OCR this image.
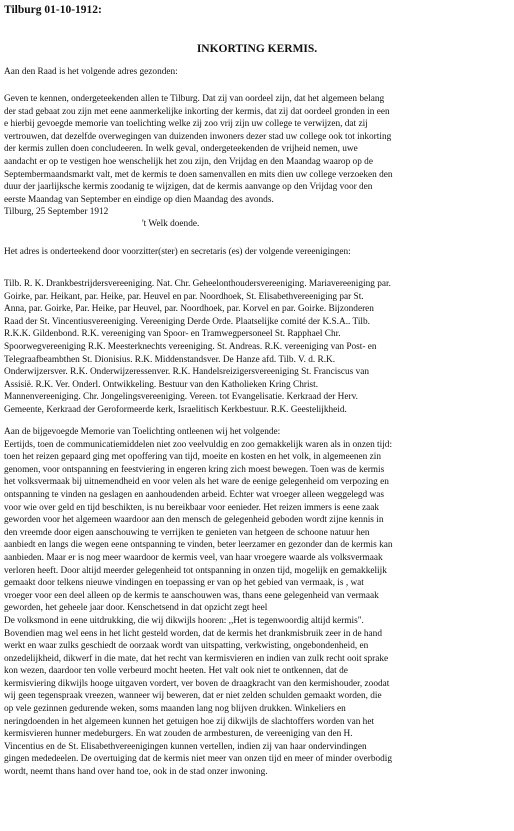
Tilburg 01-10-1912:
INKORTING KERMIS.

Aan den Raad is het volgende adres gezonden:

Geven te kennen, ondergeteekenden allen te Tilburg. Dat zij van oordeel zijn, dat het algemeen belang
der stad gebaat zou zijn met eene aanmerkelijke inkorting der kermis, dat zij dat oordeel gronden in een
e hierbij gevoegde memorie van toelichting welke zij zoo vrij zijn uw college te verwijzen, dat zij
vertrouwen, dat dezelfde overwegingen van duizenden inwoners dezer stad uw college ook tot inkorting
der kermis zullen doen concludeeren. In welk geval, ondergeteekenden de vrijheid nemen, uwe
aandacht er op te vestigen hoe wenschelijk het zou zijn, den Vrijdag en den Maandag waarop op de
Septembermaandsmarkt valt, met de kermis te doen samenvallen en mits dien uw college verzoeken den
duur der jaarlijksche kermis zoodanig te wijzigen, dat de kermis aanvange op den Vrijdag voor den
eerste Maandag van September en eindige op dien Maandag des avonds.
Tilburg, 25 September 1912
't Welk doende.

Het adres is onderteekend door voorzitter(ster) en secretaris (es) der volgende vereenigingen:

Tilb. R. K. Drankbestrijdersvereeniging. Nat. Chr. Geheelonthoudersvereeniging. Mariavereeniging par.
Goirke, par. Heikant, par. Heike, par. Heuvel en par. Noordhoek, St. Elisabethvereeniging par St.
Anna, par. Goirke, Par. Heike, par Heuvel, par. Noordhoek, par. Korvel en par. Goirke. Bijzonderen
Raad der St. Vincentiusvereeniging. Vereeniging Derde Orde. Plaatselijke comité der K.S.A.. Tilb.
R.K.K. Gildenbond. R.K. vereeniging van Spoor- en Tramwegpersoneel St. Rapphael Chr.
Spoorwegvereeniging R.K. Meesterknechts vereeniging. St. Andreas. R.K. vereeniging van Post- en
Telegraafbeambthen St. Dionisius. R.K. Middenstandsver. De Hanze afd. Tilb. V. d. R.K.
Onderwijzersver. R.K. Onderwijzeressenver. R.K. Handelsreizigersvereeniging St. Franciscus van
Assisië. R.K. Ver. Onderl. Ontwikkeling. Bestuur van den Katholieken Kring Christ.
Mannenvereeniging. Chr. Jongelingsvereeniging. Vereen. tot Evangelisatie. Kerkraad der Herv.
Gemeente, Kerkraad der Geroformeerde kerk, Israelitisch Kerkbestuur. R.K. Geestelijkheid.
Aan de bijgevoegde Memorie van Toelichting ontleenen wij het volgende:
Eertijds, toen de communicatiemiddelen niet zoo veelvuldig en zoo gemakkelijk waren als in onzen tijd:
toen het reizen gepaard ging met opoffering van tijd, moeite en kosten en het volk, in algemeenen zin
genomen, voor ontspanning en feestviering in engeren kring zich moest bewegen. Toen was de kermis
het volksvermaak bij uitnemendheid en voor velen als het ware de eenige gelegenheid om verpozing en
ontspanning te vinden na geslagen en aanhoudenden arbeid. Echter wat vroeger alleen weggelegd was
voor wie over geld en tijd beschikten, is nu bereikbaar voor eenieder. Het reizen immers is eene zaak
geworden voor het algemeen waardoor aan den mensch de gelegenheid geboden wordt zijne kennis in
den vreemde door eigen aanschouwing te verrijken te genieten van hetgeen de schoone natuur hen
aanbiedt en langs die wegen eene ontspanning te vinden, beter leerzamer en gezonder dan de kermis kan
aanbieden. Maar er is nog meer waardoor de kermis veel, van haar vroegere waarde als volksvermaak
verloren heeft. Door altijd meerder gelegenheid tot ontspanning in onzen tijd, mogelijk en gemakkelijk
gemaakt door telkens nieuwe vindingen en toepassing er van op het gebied van vermaak, is , wat
vroeger voor een deel alleen op de kermis te aanschouwen was, thans eene gelegenheid van vermaak
geworden, het geheele jaar door. Kenschetsend in dat opzicht zegt heel
De volksmond in eene uitdrukking, die wij dikwijls hooren: ,,Het is tegenwoordig altijd kermis".
Bovendien mag wel eens in het licht gesteld worden, dat de kermis het drankmisbruik zeer in de hand
werkt en waar zulks geschiedt de oorzaak wordt van uitspatting, verkwisting, ongebondenheid, en
onzedelijkheid, dikwerf in die mate, dat het recht van kermisvieren en indien van zulk recht ooit sprake
kon wezen, daardoor ten volle verbeurd mocht heeten. Het valt ook niet te ontkennen, dat de
kermisviering dikwijls hooge uitgaven vordert, ver boven de draagkracht van den kermishouder, zoodat
wij geen tegenspraak vreezen, wanneer wij beweren, dat er niet zelden schulden gemaakt worden, die
op vele gezinnen gedurende weken, soms maanden lang nog blijven drukken. Winkeliers en
neringdoenden in het algemeen kunnen het getuigen hoe zij dikwijls de slachtoffers worden van het
kermisvieren hunner medeburgers. En wat zouden de armbesturen, de vereeniging van den H.
Vincentius en de St. Elisabethvereenigingen kunnen vertellen, indien zij van haar ondervindingen
gingen mededeelen. De overtuiging dat de kermis niet meer van onzen tijd en meer of minder overbodig
wordt, neemt thans hand over hand toe, ook in de stad onzer inwoning.
